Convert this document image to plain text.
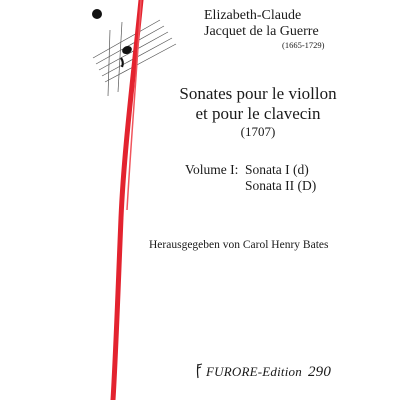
Elizabeth-Claude
Jacquet de la Guerre
(1665-1729)
Sonates pour le viollon
et pour le clavecin
(1707)
Volume I: Sonata I (d)
Sonata II (D)
Herausgegeben von Carol Henry Bates
FURORE-Edition 290
